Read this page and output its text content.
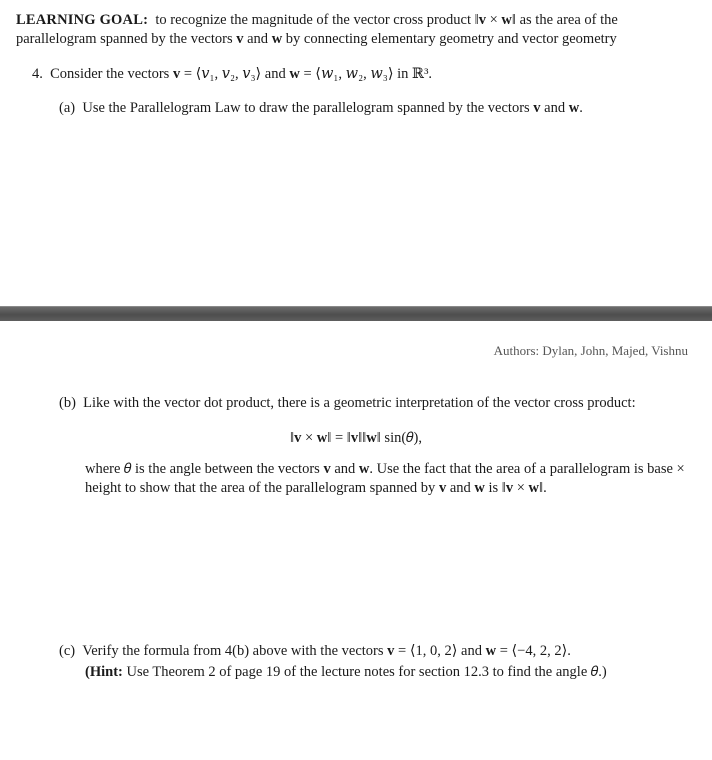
LEARNING GOAL: to recognize the magnitude of the vector cross product ‖v × w‖ as the area of the parallelogram spanned by the vectors v and w by connecting elementary geometry and vector geometry
4. Consider the vectors v = ⟨𝑣₁, 𝑣₂, 𝑣₃⟩ and w = ⟨𝑤₁, 𝑤₂, 𝑤₃⟩ in ℝ³.
(a) Use the Parallelogram Law to draw the parallelogram spanned by the vectors v and w.
Authors: Dylan, John, Majed, Vishnu
(b) Like with the vector dot product, there is a geometric interpretation of the vector cross product:
‖v × w‖ = ‖v‖‖w‖ sin(𝜃),
where 𝜃 is the angle between the vectors v and w. Use the fact that the area of a parallelogram is base × height to show that the area of the parallelogram spanned by v and w is ‖v × w‖.
(c) Verify the formula from 4(b) above with the vectors v = ⟨1, 0, 2⟩ and w = ⟨−4, 2, 2⟩.
(Hint: Use Theorem 2 of page 19 of the lecture notes for section 12.3 to find the angle 𝜃.)
